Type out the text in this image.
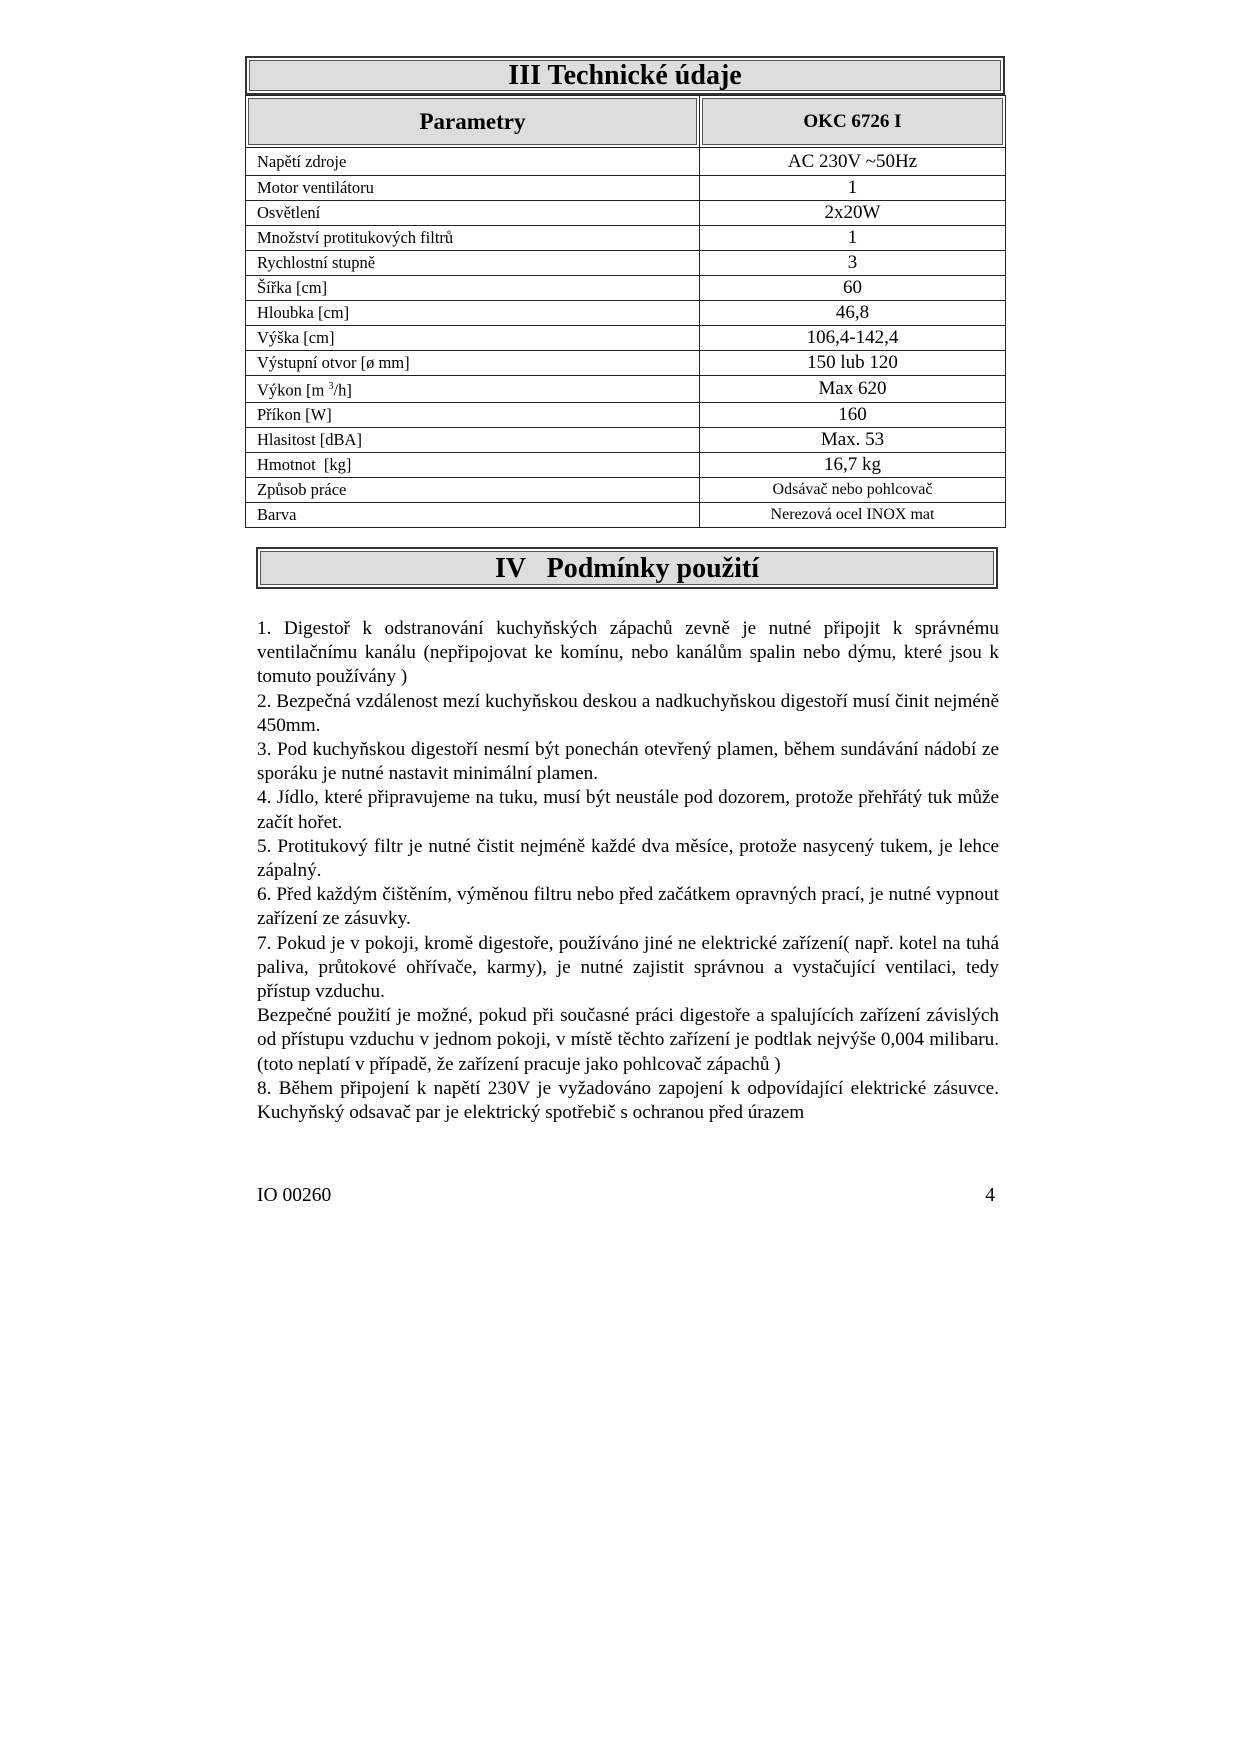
III Technické údaje
Parametry	OKC 6726 I
Napětí zdroje	AC 230V ~50Hz
Motor ventilátoru	1
Osvětlení	2x20W
Množství protitukových filtrů	1
Rychlostní stupně	3
Šířka [cm]	60
Hloubka [cm]	46,8
Výška [cm]	106,4-142,4
Výstupní otvor [ø mm]	150 lub 120
Výkon [m $^3$/h]	Max 620
Příkon [W]	160
Hlasitost [dBA]	Max. 53
Hmotnot  [kg]	16,7 kg
Způsob práce	Odsávač nebo pohlcovač
Barva	Nerezová ocel INOX mat
IV   Podmínky použití

1. Digestoř k odstranování kuchyňských zápachů zevně je nutné připojit k správnému ventilačnímu kanálu (nepřipojovat ke komínu, nebo kanálům spalin nebo dýmu, které jsou k tomuto používány )

2. Bezpečná vzdálenost mezí kuchyňskou deskou a nadkuchyňskou digestoří musí činit nejméně 450mm.

3. Pod kuchyňskou digestoří nesmí být ponechán otevřený plamen, během sundávání nádobí ze sporáku je nutné nastavit minimální plamen.

4. Jídlo, které připravujeme na tuku, musí být neustále pod dozorem, protože přehřátý tuk může začít hořet.

5. Protitukový filtr je nutné čistit nejméně každé dva měsíce, protože nasycený tukem, je lehce zápalný.

6. Před každým čištěním, výměnou filtru nebo před začátkem opravných prací, je nutné vypnout zařízení ze zásuvky.

7. Pokud je v pokoji, kromě digestoře, používáno jiné ne elektrické zařízení( např. kotel na tuhá paliva, průtokové ohřívače, karmy), je nutné zajistit správnou a vystačující ventilaci, tedy přístup vzduchu.

Bezpečné použití je možné, pokud při současné práci digestoře a spalujících zařízení závislých od přístupu vzduchu v jednom pokoji, v místě těchto zařízení je podtlak nejvýše 0,004 milibaru.(toto neplatí v případě, že zařízení pracuje jako pohlcovač zápachů )

8. Během připojení k napětí 230V je vyžadováno zapojení k odpovídající elektrické zásuvce. Kuchyňský odsavač par je elektrický spotřebič s ochranou před úrazem

IO 00260	4
